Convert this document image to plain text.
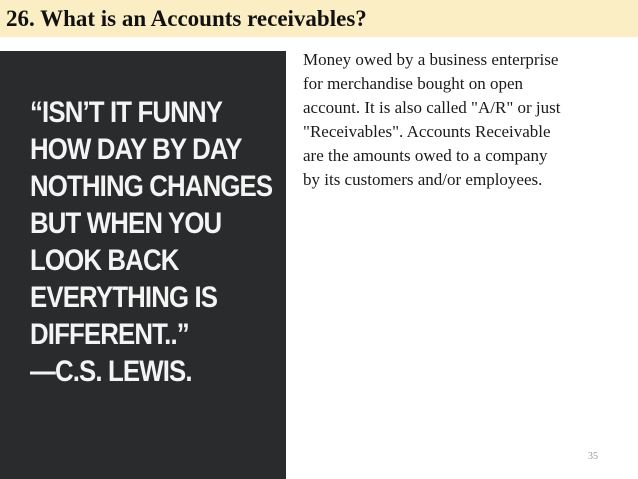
26. What is an Accounts receivables?
“ISN’T IT FUNNY
HOW DAY BY DAY
NOTHING CHANGES
BUT WHEN YOU
LOOK BACK
EVERYTHING IS
DIFFERENT..”
—C.S. LEWIS.

Money owed by a business enterprise
for merchandise bought on open
account. It is also called "A/R" or just
"Receivables". Accounts Receivable
are the amounts owed to a company
by its customers and/or employees.

35
